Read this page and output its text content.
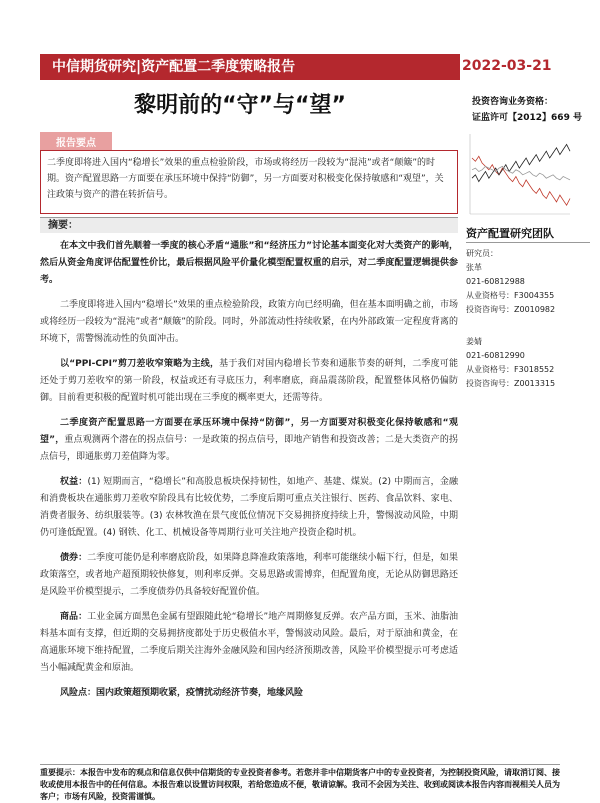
中信期货研究|资产配置二季度策略报告	2022-03-21
黎明前的“守”与“望”	投资咨询业务资格：
证监许可【2012】669 号
报告要点
二季度即将进入国内“稳增长”效果的重点检验阶段，市场或将经历一段较为“混沌”或者“颠簸”的时期。资产配置思路一方面要在承压环境中保持“防御”，另一方面要对积极变化保持敏感和“观望”，关注政策与资产的潜在转折信号。
摘要：

在本文中我们首先顺着一季度的核心矛盾“通胀”和“经济压力”讨论基本面变化对大类资产的影响，然后从资金角度评估配置性价比，最后根据风险平价量化模型配置权重的启示，对二季度配置逻辑提供参考。

二季度即将进入国内“稳增长”效果的重点检验阶段，政策方向已经明确，但在基本面明确之前，市场或将经历一段较为“混沌”或者“颠簸”的阶段。同时，外部流动性持续收紧，在内外部政策一定程度背离的环境下，需警惕流动性的负面冲击。

以“PPI-CPI”剪刀差收窄策略为主线，基于我们对国内稳增长节奏和通胀节奏的研判，二季度可能还处于剪刀差收窄的第一阶段，权益或还有寻底压力，利率磨底，商品震荡阶段，配置整体风格仍偏防御。目前看更积极的配置时机可能出现在三季度的概率更大，还需等待。

二季度资产配置思路一方面要在承压环境中保持“防御”，另一方面要对积极变化保持敏感和“观望”，重点观测两个潜在的拐点信号：一是政策的拐点信号，即地产销售和投资改善；二是大类资产的拐点信号，即通胀剪刀差值降为零。

权益：(1) 短期而言，“稳增长”和高股息板块保持韧性，如地产、基建、煤炭。(2) 中期而言，金融和消费板块在通胀剪刀差收窄阶段具有比较优势，二季度后期可重点关注银行、医药、食品饮料、家电、消费者服务、纺织服装等。(3) 农林牧渔在景气度低位情况下交易拥挤度持续上升，警惕波动风险，中期仍可逢低配置。(4) 钢铁、化工、机械设备等周期行业可关注地产投资企稳时机。

债券：二季度可能仍是利率磨底阶段，如果降息降准政策落地，利率可能继续小幅下行，但是，如果政策落空，或者地产超预期较快修复，则利率反弹。交易思路或需博弈，但配置角度，无论从防御思路还是风险平价模型提示，二季度债券仍具备较好配置价值。

商品：工业金属方面黑色金属有望跟随此轮“稳增长”地产周期修复反弹。农产品方面，玉米、油脂油料基本面有支撑，但近期的交易拥挤度都处于历史极值水平，警惕波动风险。最后，对于原油和黄金，在高通胀环境下维持配置，二季度后期关注海外金融风险和国内经济预期改善，风险平价模型提示可考虑适当小幅减配黄金和原油。

风险点：国内政策超预期收紧，疫情扰动经济节奏，地缘风险

资产配置研究团队
研究员：
张革
021-60812988
从业资格号：F3004355
投资咨询号：Z0010982
姜婧
021-60812990
从业资格号：F3018552
投资咨询号：Z0013315
重要提示：本报告中发布的观点和信息仅供中信期货的专业投资者参考。若您并非中信期货客户中的专业投资者，为控制投资风险，请取消订阅、接收或使用本报告中的任何信息。本报告难以设置访问权限，若给您造成不便，敬请谅解。我司不会因为关注、收到或阅读本报告内容而视相关人员为客户；市场有风险，投资需谨慎。
